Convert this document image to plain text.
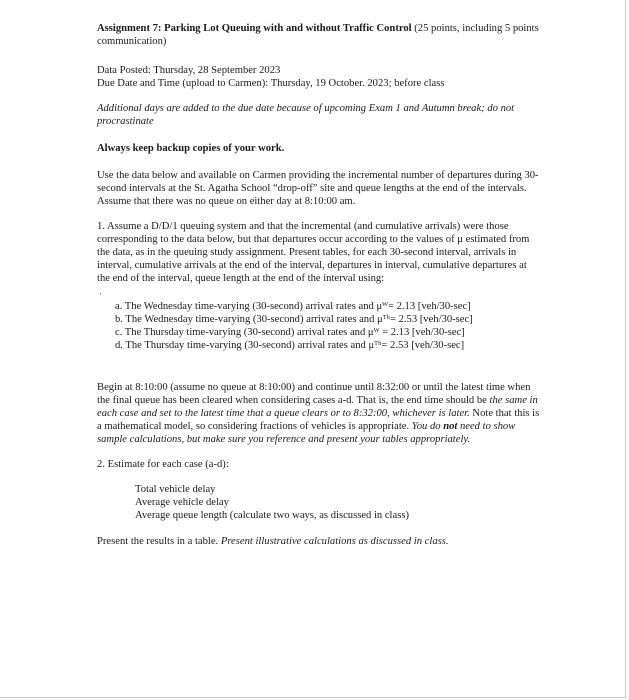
Assignment 7: Parking Lot Queuing with and without Traffic Control (25 points, including 5 points communication)

Data Posted: Thursday, 28 September 2023

Due Date and Time (upload to Carmen): Thursday, 19 October. 2023; before class

Additional days are added to the due date because of upcoming Exam 1 and Autumn break; do not procrastinate

Always keep backup copies of your work.

Use the data below and available on Carmen providing the incremental number of departures during 30-second intervals at the St. Agatha School “drop-off” site and queue lengths at the end of the intervals. Assume that there was no queue on either day at 8:10:00 am.

1. Assume a D/D/1 queuing system and that the incremental (and cumulative arrivals) were those corresponding to the data below, but that departures occur according to the values of μ estimated from the data, as in the queuing study assignment. Present tables, for each 30-second interval, arrivals in interval, cumulative arrivals at the end of the interval, departures in interval, cumulative departures at the end of the interval, queue length at the end of the interval using:

·
a. The Wednesday time-varying (30-second) arrival rates and μᵂ= 2.13 [veh/30-sec]
b. The Wednesday time-varying (30-second) arrival rates and μᵀʰ= 2.53 [veh/30-sec]
c. The Thursday time-varying (30-second) arrival rates and μᵂ = 2.13 [veh/30-sec]
d. The Thursday time-varying (30-second) arrival rates and μᵀʰ= 2.53 [veh/30-sec]

Begin at 8:10:00 (assume no queue at 8:10:00) and continue until 8:32:00 or until the latest time when the final queue has been cleared when considering cases a-d. That is, the end time should be the same in each case and set to the latest time that a queue clears or to 8:32:00, whichever is later. Note that this is a mathematical model, so considering fractions of vehicles is appropriate. You do not need to show sample calculations, but make sure you reference and present your tables appropriately.

2. Estimate for each case (a-d):

Total vehicle delay

Average vehicle delay

Average queue length (calculate two ways, as discussed in class)

Present the results in a table. Present illustrative calculations as discussed in class.
